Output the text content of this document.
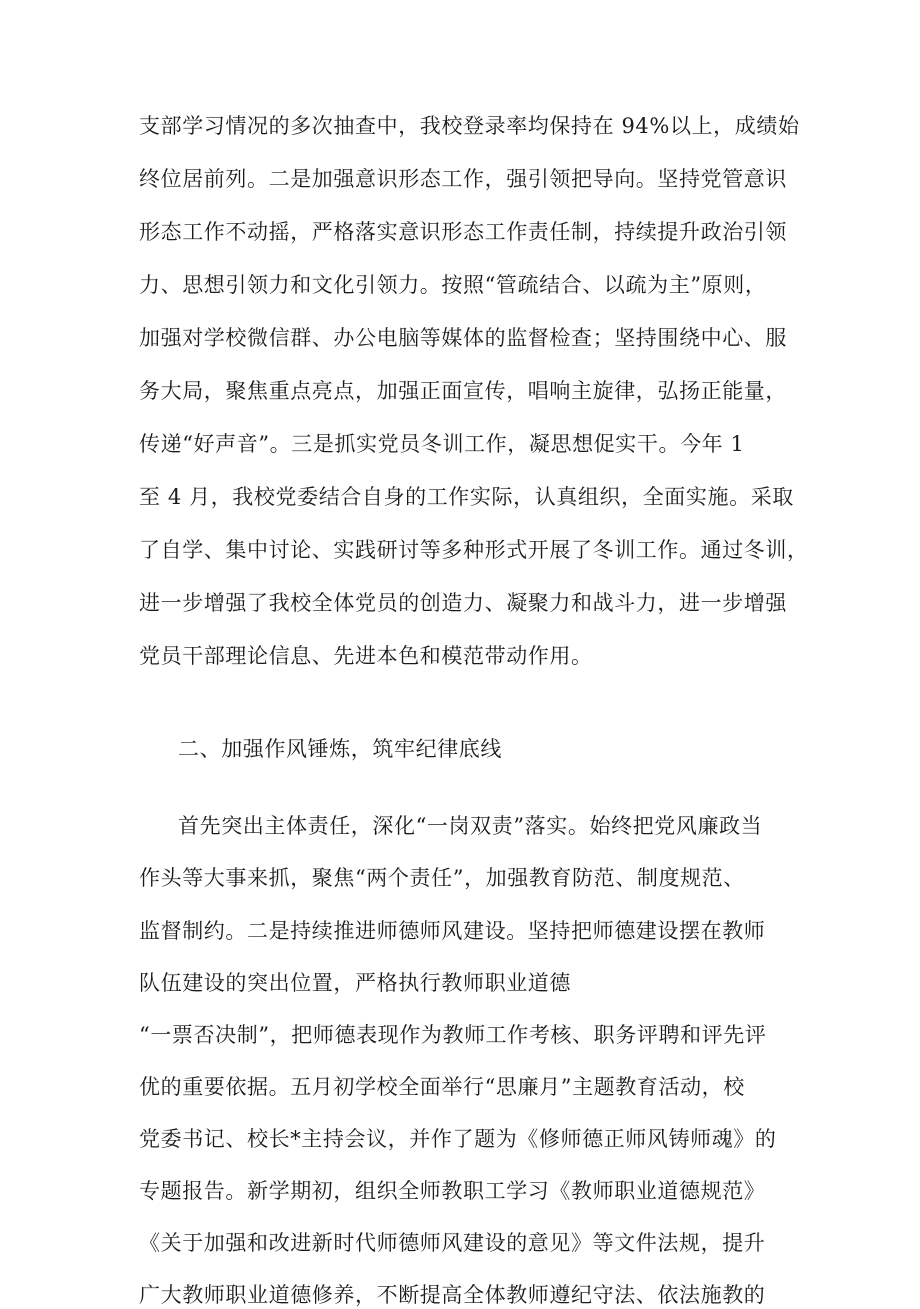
支部学习情况的多次抽查中，我校登录率均保持在 94%以上，成绩始
终位居前列。二是加强意识形态工作，强引领把导向。坚持党管意识
形态工作不动摇，严格落实意识形态工作责任制，持续提升政治引领
力、思想引领力和文化引领力。按照“管疏结合、以疏为主”原则，
加强对学校微信群、办公电脑等媒体的监督检查；坚持围绕中心、服
务大局，聚焦重点亮点，加强正面宣传，唱响主旋律，弘扬正能量，
传递“好声音”。三是抓实党员冬训工作，凝思想促实干。今年 1
至 4 月，我校党委结合自身的工作实际，认真组织，全面实施。采取
了自学、集中讨论、实践研讨等多种形式开展了冬训工作。通过冬训，
进一步增强了我校全体党员的创造力、凝聚力和战斗力，进一步增强
党员干部理论信息、先进本色和模范带动作用。
二、加强作风锤炼，筑牢纪律底线
首先突出主体责任，深化“一岗双责”落实。始终把党风廉政当
作头等大事来抓，聚焦“两个责任”，加强教育防范、制度规范、
监督制约。二是持续推进师德师风建设。坚持把师德建设摆在教师
队伍建设的突出位置，严格执行教师职业道德
“一票否决制”，把师德表现作为教师工作考核、职务评聘和评先评
优的重要依据。五月初学校全面举行“思廉月”主题教育活动，校
党委书记、校长*主持会议，并作了题为《修师德正师风铸师魂》的
专题报告。新学期初，组织全师教职工学习《教师职业道德规范》
《关于加强和改进新时代师德师风建设的意见》等文件法规，提升
广大教师职业道德修养，不断提高全体教师遵纪守法、依法施教的
